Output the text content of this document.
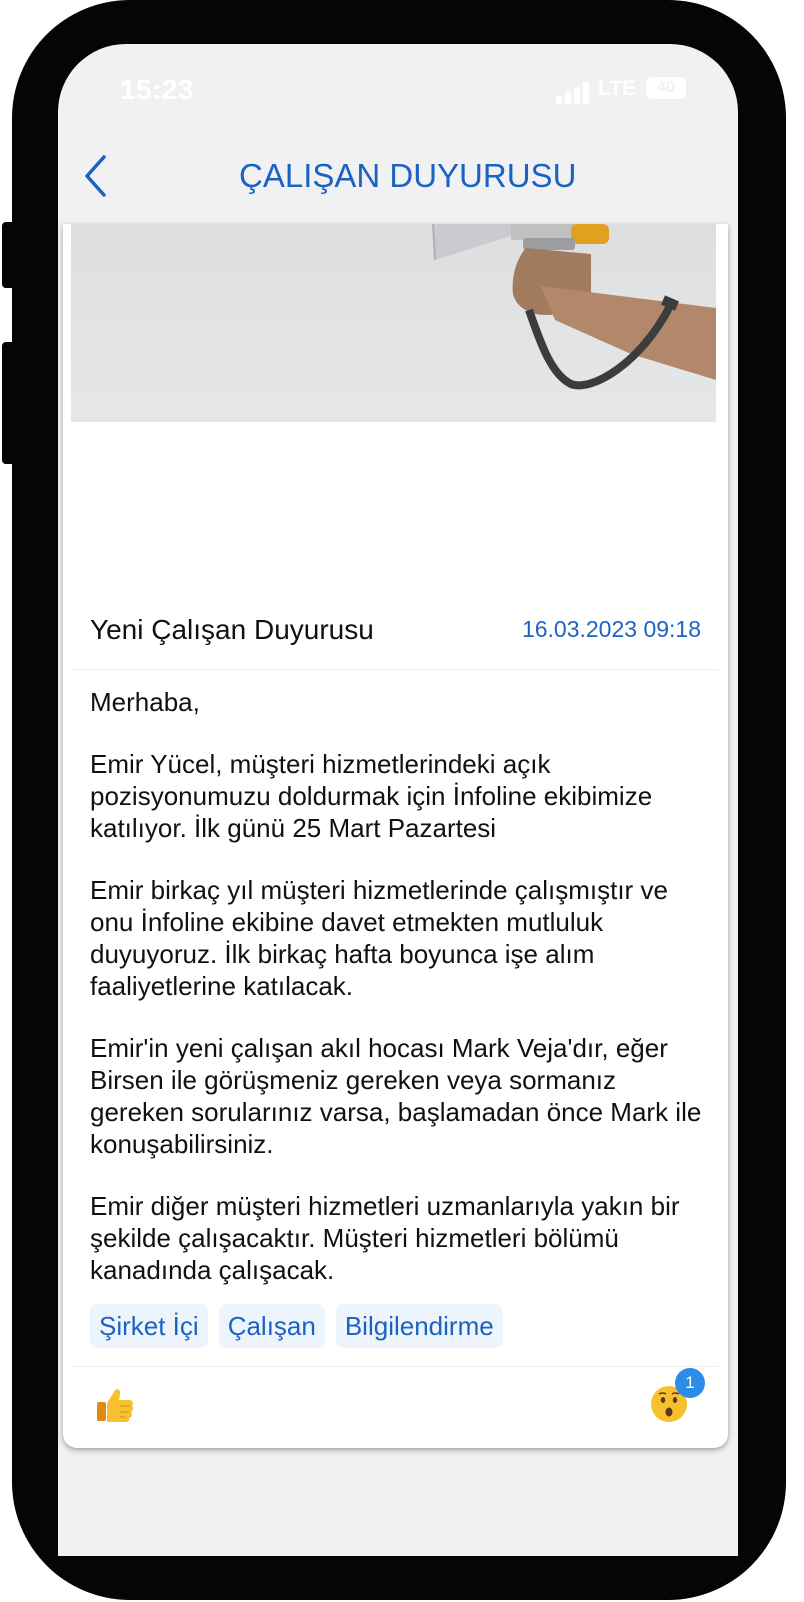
15:23	LTE	40
ÇALIŞAN DUYURUSU
Yeni Çalışan Duyurusu	16.03.2023 09:18

Merhaba,

Emir Yücel, müşteri hizmetlerindeki açık pozisyonumuzu doldurmak için İnfoline ekibimize katılıyor. İlk günü 25 Mart Pazartesi

Emir birkaç yıl müşteri hizmetlerinde çalışmıştır ve onu İnfoline ekibine davet etmekten mutluluk duyuyoruz. İlk birkaç hafta boyunca işe alım faaliyetlerine katılacak.

Emir'in yeni çalışan akıl hocası Mark Veja'dır, eğer Birsen ile görüşmeniz gereken veya sormanız gereken sorularınız varsa, başlamadan önce Mark ile konuşabilirsiniz.

Emir diğer müşteri hizmetleri uzmanlarıyla yakın bir şekilde çalışacaktır. Müşteri hizmetleri bölümü kanadında çalışacak.

Şirket İçi Çalışan Bilgilendirme
1
